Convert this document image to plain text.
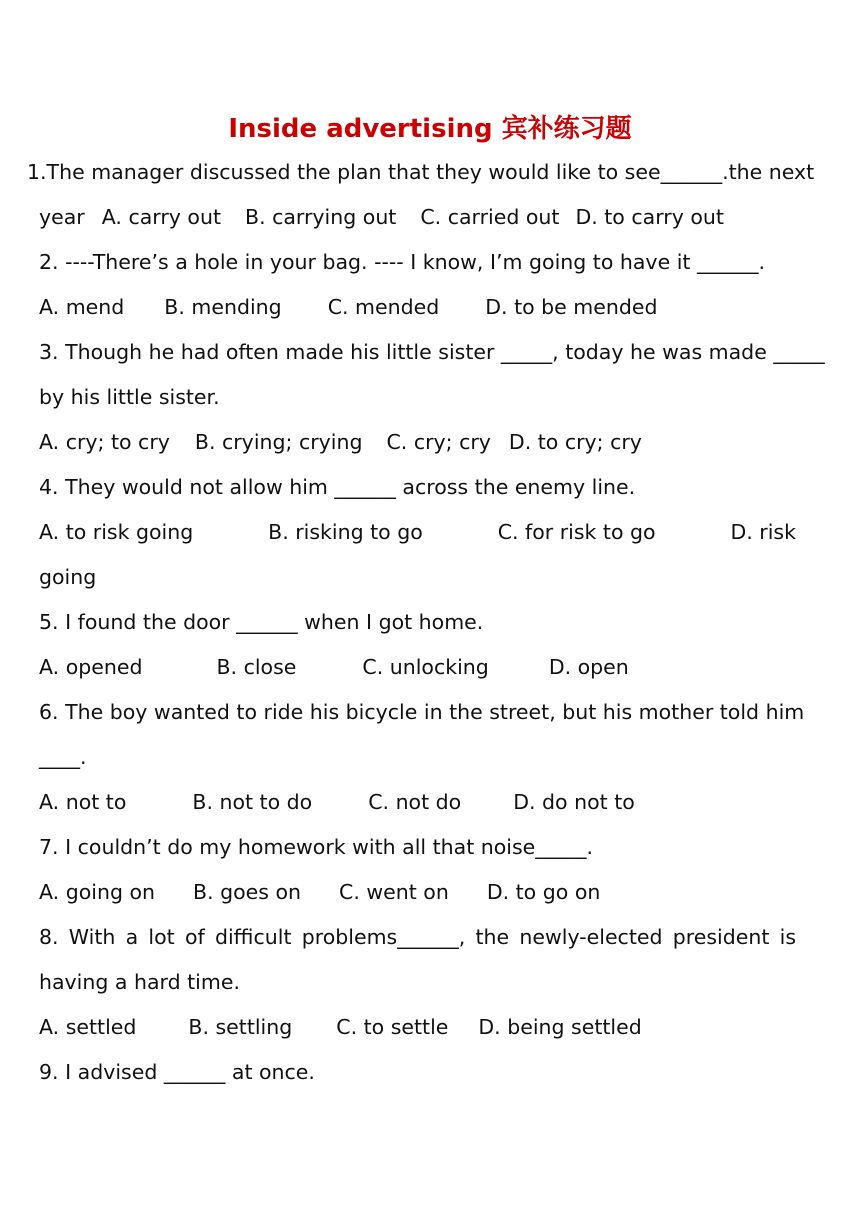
Inside advertising 宾补练习题
1.The manager discussed the plan that they would like to see______.the next
year A. carry out B. carrying out C. carried out D. to carry out
2. ----There’s a hole in your bag. ---- I know, I’m going to have it ______.
A. mend B. mending C. mended D. to be mended
3. Though he had often made his little sister _____, today he was made _____
by his little sister.
A. cry; to cry B. crying; crying C. cry; cry D. to cry; cry
4. They would not allow him ______ across the enemy line.
A. to risk going	B. risking to go	C. for risk to go	D. risk
going
5. I found the door ______ when I got home.
A. opened	B. close	C. unlocking	D. open
6. The boy wanted to ride his bicycle in the street, but his mother told him
____.
A. not to	B. not to do	C. not do	D. do not to
7. I couldn’t do my homework with all that noise_____.
A. going on B. goes on C. went on D. to go on
8. With a lot of difficult problems______, the newly-elected president is
having a hard time.
A. settled	B. settling C. to settle D. being settled
9. I advised ______ at once.
